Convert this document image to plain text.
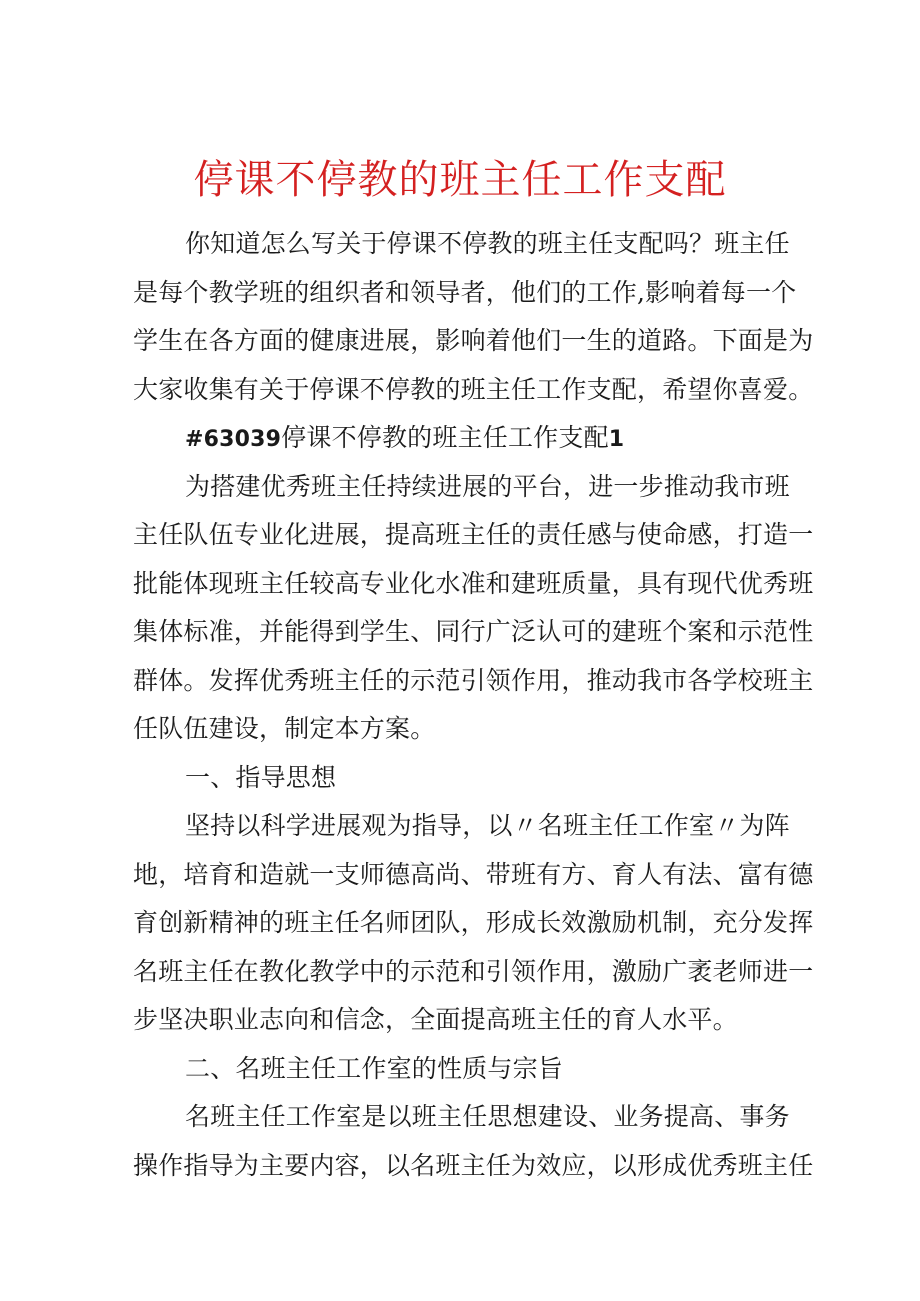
停课不停教的班主任工作支配
你知道怎么写关于停课不停教的班主任支配吗？班主任
是每个教学班的组织者和领导者，他们的工作,影响着每一个
学生在各方面的健康进展，影响着他们一生的道路。下面是为
大家收集有关于停课不停教的班主任工作支配，希望你喜爱。
#63039停课不停教的班主任工作支配1
为搭建优秀班主任持续进展的平台，进一步推动我市班
主任队伍专业化进展，提高班主任的责任感与使命感，打造一
批能体现班主任较高专业化水准和建班质量，具有现代优秀班
集体标准，并能得到学生、同行广泛认可的建班个案和示范性
群体。发挥优秀班主任的示范引领作用，推动我市各学校班主
任队伍建设，制定本方案。
一、指导思想
坚持以科学进展观为指导，以〃名班主任工作室〃为阵
地，培育和造就一支师德高尚、带班有方、育人有法、富有德
育创新精神的班主任名师团队，形成长效激励机制，充分发挥
名班主任在教化教学中的示范和引领作用，激励广袤老师进一
步坚决职业志向和信念，全面提高班主任的育人水平。
二、名班主任工作室的性质与宗旨
名班主任工作室是以班主任思想建设、业务提高、事务
操作指导为主要内容，以名班主任为效应，以形成优秀班主任
